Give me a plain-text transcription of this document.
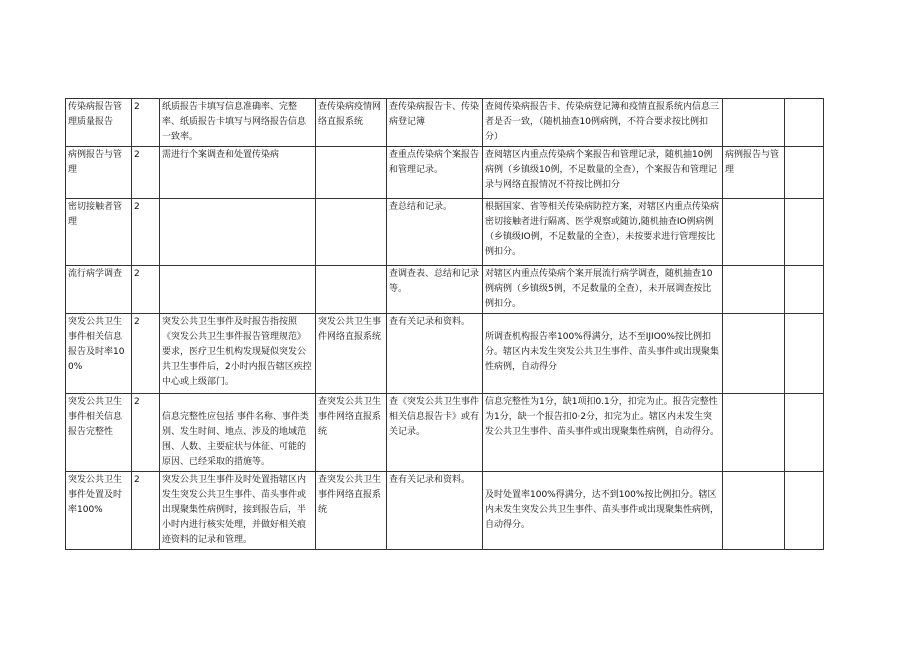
传染病报告管理质量报告	2	纸质报告卡填写信息准确率、完整率、纸质报告卡填写与网络报告信息一致率。	查传染病疫情网络直报系统	查传染病报告卡、传染病登记簿	查阅传染病报告卡、传染病登记簿和疫情直报系统内信息三者是否一致，（随机抽查10例病例，不符合要求按比例扣分）		
病例报告与管理	2	需进行个案调查和处置传染病		查重点传染病个案报告和管理记录。	查阅辖区内重点传染病个案报告和管理记录，随机抽10例病例（乡镇级10例，不足数量的全查），个案报告和管理记录与网络直报情况不符按比例扣分	病例报告与管理	
密切接触者管理	2			查总结和记录。	根据国家、省等相关传染病防控方案，对辖区内重点传染病密切接触者进行隔离、医学观察或随访,随机抽查IO例病例（乡镇级IO例，不足数量的全查），未按要求进行管理按比例扣分。		
流行病学调查	2			查调查表、总结和记录等。	对辖区内重点传染病个案开展流行病学调查，随机抽查10例病例（乡镇级5例，不足数量的全查），未开展调查按比例扣分。		
突发公共卫生事件相关信息报告及时率100%	2	突发公共卫生事件及时报告指按照《突发公共卫生事件报告管理规范》要求，医疗卫生机构发现疑似突发公共卫生事件后，2小时内报告辖区疾控中心或上级部门。	突发公共卫生事件网络直报系统	查有关记录和资料。	所调查机构报告率100%得满分，达不至IJIO0%按比例扣分。辖区内未发生突发公共卫生事件、苗头事件或出现聚集性病例，自动得分		
突发公共卫生事件相关信息报告完整性	2	信息完整性应包括 事件名称、事件类别、发生时间、地点、涉及的地域范围、人数、主要症状与体征、可能的原因、已经采取的措施等。	查突发公共卫生事件网络直报系统	查《突发公共卫生事件相关信息报告卡》或有关记录。	信息完整性为1分，缺1项扣0.1分，扣完为止。报告完整性为1分，缺一个报告扣0·2分，扣完为止。辖区内未发生突发公共卫生事件、苗头事件或出现聚集性病例，自动得分。		
突发公共卫生事件处置及时率100%	2	突发公共卫生事件及时处置指辖区内发生突发公共卫生事件、苗头事件或出现聚集性病例时，接到报告后，半小时内进行核实处理，并做好相关痕迹资料的记录和管理。	查突发公共卫生事件网络直报系统	查有关记录和资料。	及时处置率100%得满分，达不到100%按比例扣分。辖区内未发生突发公共卫生事件、苗头事件或出现聚集性病例，自动得分。		
